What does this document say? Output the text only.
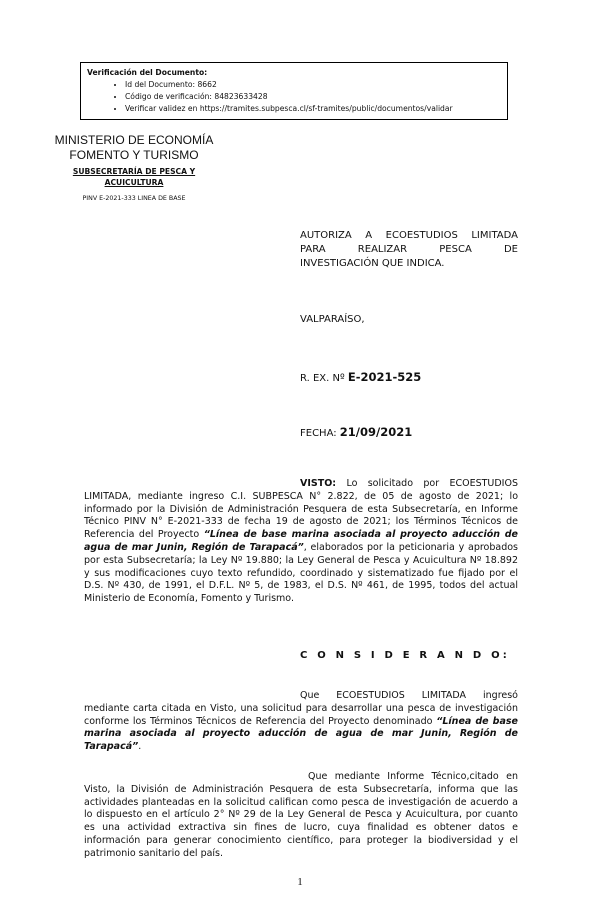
Verificación del Documento:
• Id del Documento: 8662
• Código de verificación: 84823633428
• Verificar validez en https://tramites.subpesca.cl/sf-tramites/public/documentos/validar
MINISTERIO DE ECONOMÍA
FOMENTO Y TURISMO
SUBSECRETARÍA DE PESCA Y
ACUICULTURA
PINV E-2021-333 LINEA DE BASE
AUTORIZA A ECOESTUDIOS LIMITADA
PARA REALIZAR PESCA DE
INVESTIGACIÓN QUE INDICA.
VALPARAÍSO,
R. EX. Nº E-2021-525
FECHA: 21/09/2021

VISTO: Lo solicitado por ECOESTUDIOS LIMITADA, mediante ingreso C.I. SUBPESCA N° 2.822, de 05 de agosto de 2021; lo informado por la División de Administración Pesquera de esta Subsecretaría, en Informe Técnico PINV N° E-2021-333 de fecha 19 de agosto de 2021; los Términos Técnicos de Referencia del Proyecto “Línea de base marina asociada al proyecto aducción de agua de mar Junin, Región de Tarapacá”, elaborados por la peticionaria y aprobados por esta Subsecretaría; la Ley Nº 19.880; la Ley General de Pesca y Acuicultura Nº 18.892 y sus modificaciones cuyo texto refundido, coordinado y sistematizado fue fijado por el D.S. Nº 430, de 1991, el D.F.L. Nº 5, de 1983, el D.S. Nº 461, de 1995, todos del actual Ministerio de Economía, Fomento y Turismo.

C O N S I D E R A N D O:

Que ECOESTUDIOS LIMITADA ingresó mediante carta citada en Visto, una solicitud para desarrollar una pesca de investigación conforme los Términos Técnicos de Referencia del Proyecto denominado “Línea de base marina asociada al proyecto aducción de agua de mar Junin, Región de Tarapacá”.

Que mediante Informe Técnico,citado en Visto, la División de Administración Pesquera de esta Subsecretaría, informa que las actividades planteadas en la solicitud califican como pesca de investigación de acuerdo a lo dispuesto en el artículo 2° Nº 29 de la Ley General de Pesca y Acuicultura, por cuanto es una actividad extractiva sin fines de lucro, cuya finalidad es obtener datos e información para generar conocimiento científico, para proteger la biodiversidad y el patrimonio sanitario del país.

1
